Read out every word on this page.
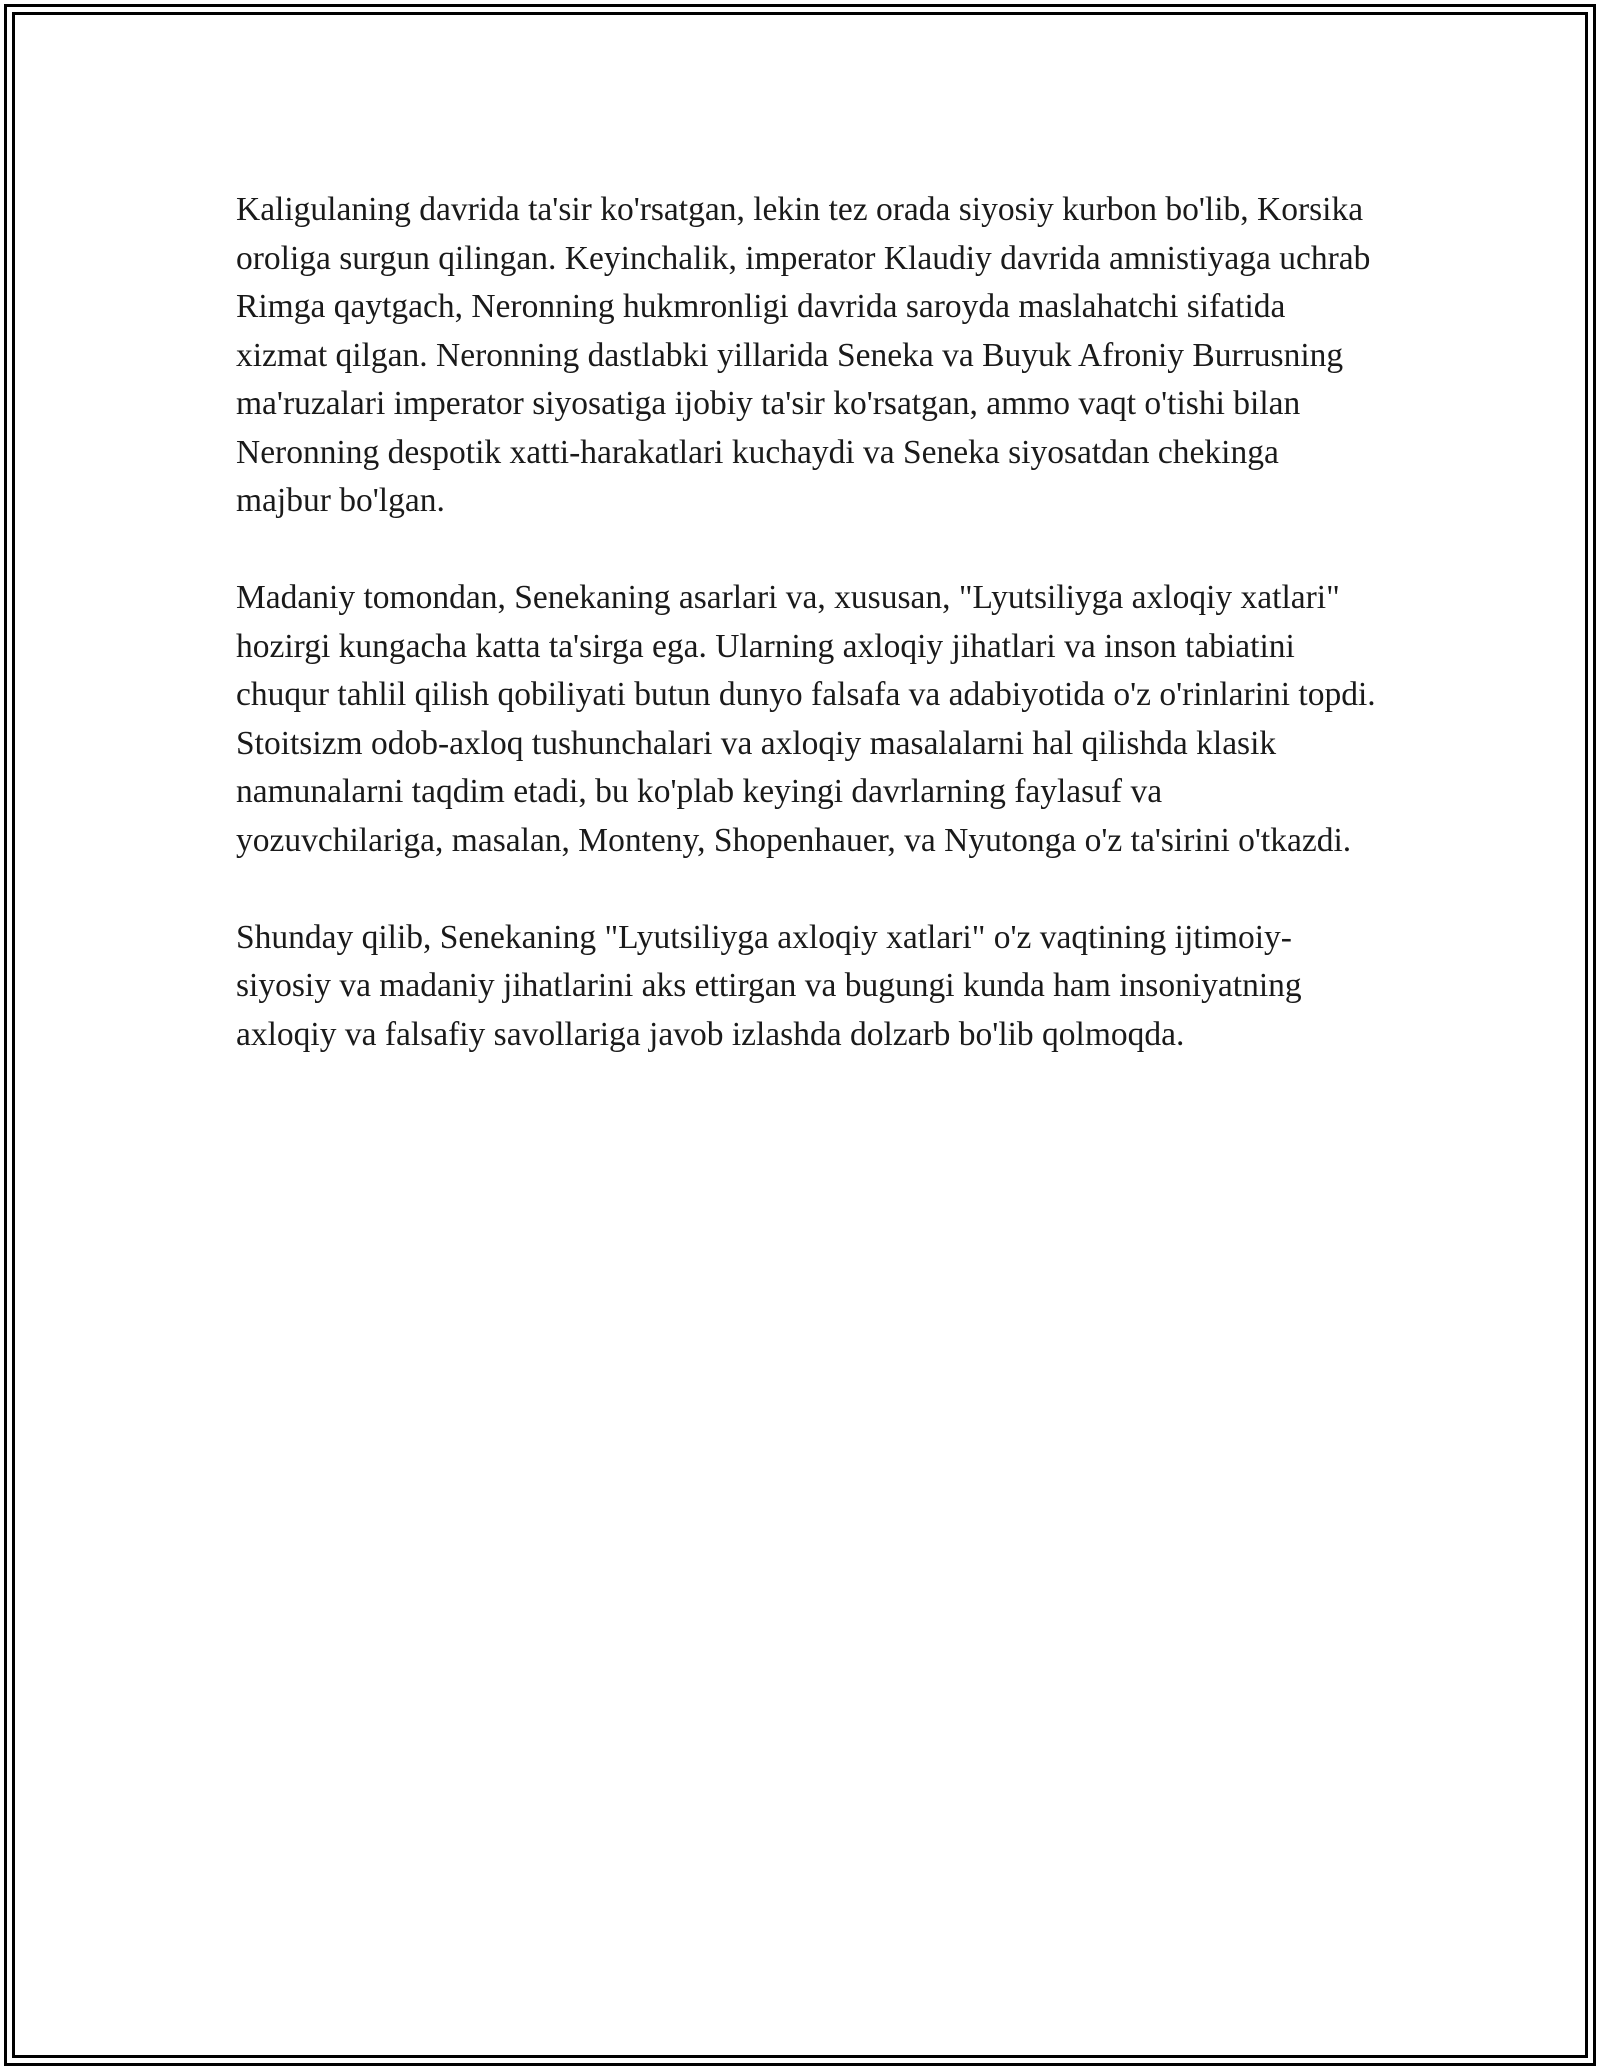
Kaligulaning davrida ta'sir ko'rsatgan, lekin tez orada siyosiy kurbon bo'lib, Korsika oroliga surgun qilingan. Keyinchalik, imperator Klaudiy davrida amnistiyaga uchrab Rimga qaytgach, Neronning hukmronligi davrida saroyda maslahatchi sifatida xizmat qilgan. Neronning dastlabki yillarida Seneka va Buyuk Afroniy Burrusning ma'ruzalari imperator siyosatiga ijobiy ta'sir ko'rsatgan, ammo vaqt o'tishi bilan Neronning despotik xatti-harakatlari kuchaydi va Seneka siyosatdan chekinga majbur bo'lgan.

Madaniy tomondan, Senekaning asarlari va, xususan, "Lyutsiliyga axloqiy xatlari" hozirgi kungacha katta ta'sirga ega. Ularning axloqiy jihatlari va inson tabiatini chuqur tahlil qilish qobiliyati butun dunyo falsafa va adabiyotida o'z o'rinlarini topdi. Stoitsizm odob-axloq tushunchalari va axloqiy masalalarni hal qilishda klasik namunalarni taqdim etadi, bu ko'plab keyingi davrlarning faylasuf va yozuvchilariga, masalan, Monteny, Shopenhauer, va Nyutonga o'z ta'sirini o'tkazdi.

Shunday qilib, Senekaning "Lyutsiliyga axloqiy xatlari" o'z vaqtining ijtimoiy-siyosiy va madaniy jihatlarini aks ettirgan va bugungi kunda ham insoniyatning axloqiy va falsafiy savollariga javob izlashda dolzarb bo'lib qolmoqda.
